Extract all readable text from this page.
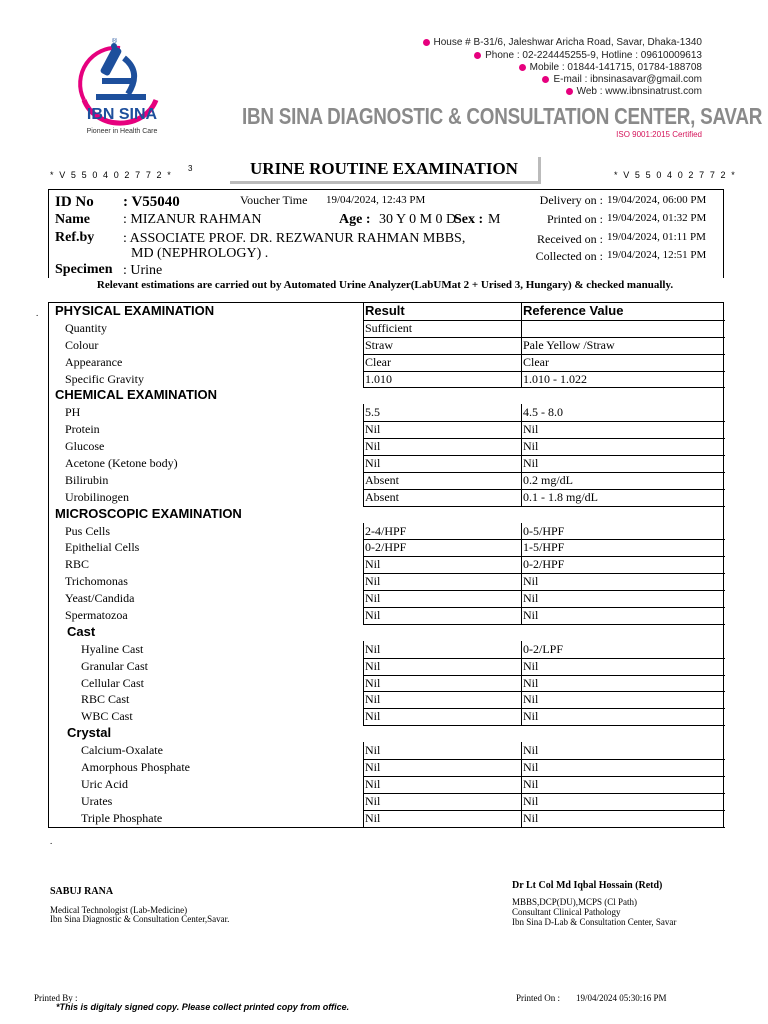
®
IBN SINA
Pioneer in Health Care
House # B-31/6, Jaleshwar Aricha Road, Savar, Dhaka-1340
Phone : 02-224445255-9, Hotline : 09610009613
Mobile : 01844-141715, 01784-188708
E-mail : ibnsinasavar@gmail.com
Web : www.ibnsinatrust.com
IBN SINA DIAGNOSTIC & CONSULTATION CENTER, SAVAR
ISO 9001:2015 Certified
* V 5 5 0 4 0 2 7 7 2 *
3	URINE ROUTINE EXAMINATION	* V 5 5 0 4 0 2 7 7 2 *
ID No : V55040	Voucher Time 19/04/2024, 12:43 PM
Name : MIZANUR RAHMAN	Age : 30 Y 0 M 0 D
Sex : M
Ref.by : ASSOCIATE PROF. DR. REZWANUR RAHMAN MBBS,
MD (NEPHROLOGY) .
Specimen : Urine
Delivery on : 19/04/2024, 06:00 PM
Printed on : 19/04/2024, 01:32 PM
Received on : 19/04/2024, 01:11 PM
Collected on : 19/04/2024, 12:51 PM
Relevant estimations are carried out by Automated Urine Analyzer(LabUMat 2 + Urised 3, Hungary) & checked manually.
. PHYSICAL EXAMINATION	Result	Reference Value
Quantity	Sufficient
Colour	Straw	Pale Yellow /Straw
Appearance	Clear	Clear
Specific Gravity	1.010	1.010 - 1.022
CHEMICAL EXAMINATION
PH	5.5	4.5 - 8.0
Protein	Nil	Nil
Glucose	Nil	Nil
Acetone (Ketone body)	Nil	Nil
Bilirubin	Absent	0.2 mg/dL
Urobilinogen	Absent	0.1 - 1.8 mg/dL
MICROSCOPIC EXAMINATION
Pus Cells	2-4/HPF	0-5/HPF
Epithelial Cells	0-2/HPF	1-5/HPF
RBC	Nil	0-2/HPF
Trichomonas	Nil	Nil
Yeast/Candida	Nil	Nil
Spermatozoa	Nil	Nil
Cast
Hyaline Cast	Nil	0-2/LPF
Granular Cast	Nil	Nil
Cellular Cast	Nil	Nil
RBC Cast	Nil	Nil
WBC Cast	Nil	Nil
Crystal
Calcium-Oxalate	Nil	Nil
Amorphous Phosphate	Nil	Nil
Uric Acid	Nil	Nil
Urates	Nil	Nil
Triple Phosphate	Nil	Nil
.
SABUJ RANA
Medical Technologist (Lab-Medicine)
Ibn Sina Diagnostic & Consultation Center,Savar.
Dr Lt Col Md Iqbal Hossain (Retd)
MBBS,DCP(DU),MCPS (Cl Path)
Consultant Clinical Pathology
Ibn Sina D-Lab & Consultation Center, Savar
Printed By :
*This is digitaly signed copy. Please collect printed copy from office.
Printed On : 19/04/2024 05:30:16 PM
